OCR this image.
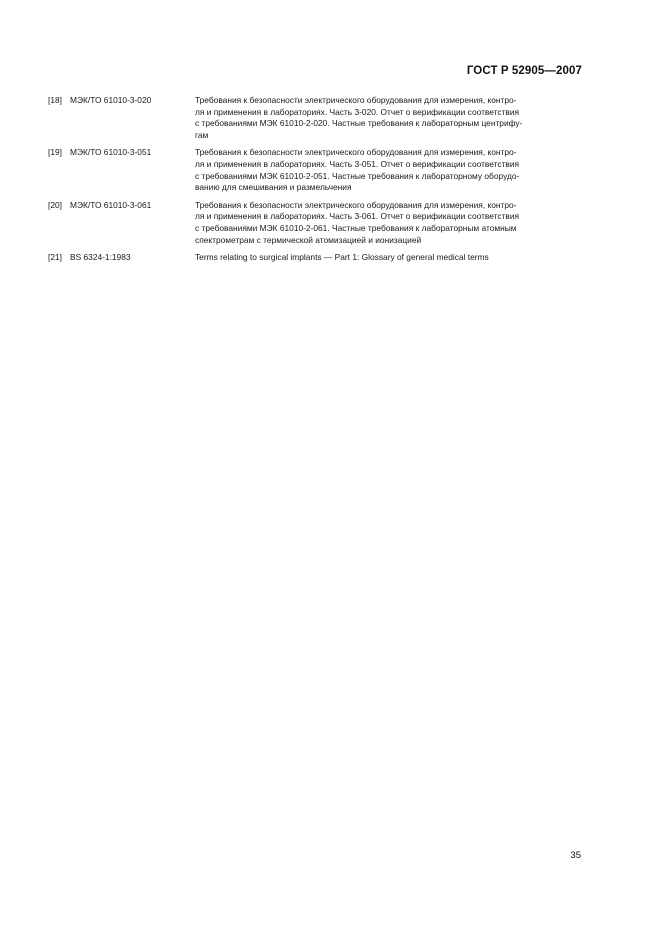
ГОСТ Р 52905—2007
[18] МЭК/ТО 61010-3-020	Требования к безопасности электрического оборудования для измерения, контро-
ля и применения в лабораториях. Часть 3-020. Отчет о верификации соответствия
с требованиями МЭК 61010-2-020. Частные требования к лабораторным центрифу-
гам
[19] МЭК/ТО 61010-3-051	Требования к безопасности электрического оборудования для измерения, контро-
ля и применения в лабораториях. Часть 3-051. Отчет о верификации соответствия
с требованиями МЭК 61010-2-051. Частные требования к лабораторному оборудо-
ванию для смешивания и размельчения
[20] МЭК/ТО 61010-3-061	Требования к безопасности электрического оборудования для измерения, контро-
ля и применения в лабораториях. Часть 3-061. Отчет о верификации соответствия
с требованиями МЭК 61010-2-061. Частные требования к лабораторным атомным
спектрометрам с термической атомизацией и ионизацией
[21] BS 6324-1:1983	Terms relating to surgical implants — Part 1: Glossary of general medical terms
35
